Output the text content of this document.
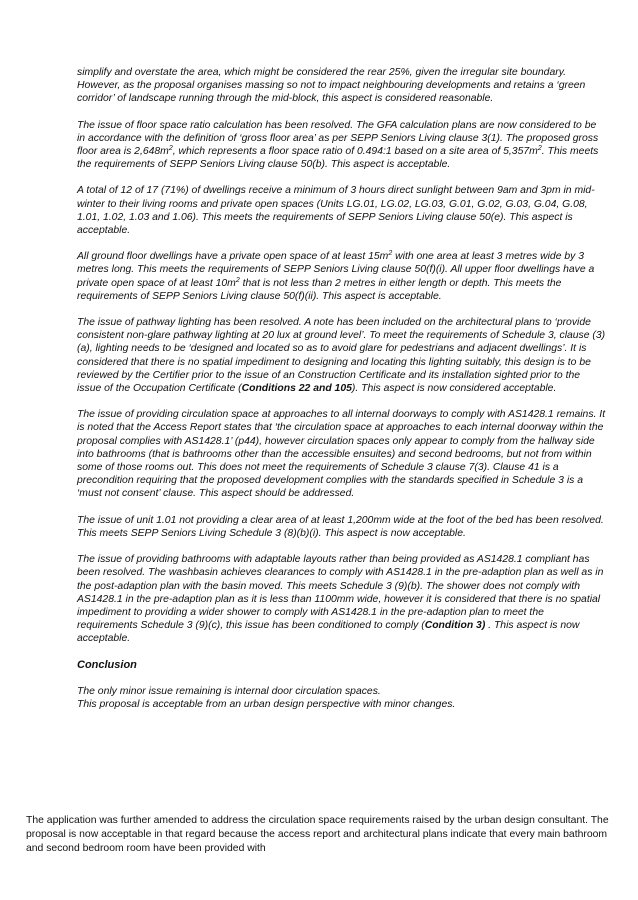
simplify and overstate the area, which might be considered the rear 25%, given the irregular site boundary. However, as the proposal organises massing so not to impact neighbouring developments and retains a ‘green corridor’ of landscape running through the mid-block, this aspect is considered reasonable.

The issue of floor space ratio calculation has been resolved. The GFA calculation plans are now considered to be in accordance with the definition of ‘gross floor area’ as per SEPP Seniors Living clause 3(1). The proposed gross floor area is $2,648m^2$, which represents a floor space ratio of 0.494:1 based on a site area of $5,357m^2$. This meets the requirements of SEPP Seniors Living clause 50(b). This aspect is acceptable.

A total of 12 of 17 (71%) of dwellings receive a minimum of 3 hours direct sunlight between 9am and 3pm in mid-winter to their living rooms and private open spaces (Units LG.01, LG.02, LG.03, G.01, G.02, G.03, G.04, G.08, 1.01, 1.02, 1.03 and 1.06). This meets the requirements of SEPP Seniors Living clause 50(e). This aspect is acceptable.

All ground floor dwellings have a private open space of at least $15m^2$ with one area at least 3 metres wide by 3 metres long. This meets the requirements of SEPP Seniors Living clause 50(f)(i). All upper floor dwellings have a private open space of at least $10m^2$ that is not less than 2 metres in either length or depth. This meets the requirements of SEPP Seniors Living clause 50(f)(ii). This aspect is acceptable.

The issue of pathway lighting has been resolved. A note has been included on the architectural plans to ‘provide consistent non-glare pathway lighting at 20 lux at ground level’. To meet the requirements of Schedule 3, clause (3)(a), lighting needs to be ‘designed and located so as to avoid glare for pedestrians and adjacent dwellings’. It is considered that there is no spatial impediment to designing and locating this lighting suitably, this design is to be reviewed by the Certifier prior to the issue of an Construction Certificate and its installation sighted prior to the issue of the Occupation Certificate (Conditions 22 and 105). This aspect is now considered acceptable.

The issue of providing circulation space at approaches to all internal doorways to comply with AS1428.1 remains. It is noted that the Access Report states that ‘the circulation space at approaches to each internal doorway within the proposal complies with AS1428.1’ (p44), however circulation spaces only appear to comply from the hallway side into bathrooms (that is bathrooms other than the accessible ensuites) and second bedrooms, but not from within some of those rooms out. This does not meet the requirements of Schedule 3 clause 7(3). Clause 41 is a precondition requiring that the proposed development complies with the standards specified in Schedule 3 is a ‘must not consent’ clause. This aspect should be addressed.

The issue of unit 1.01 not providing a clear area of at least 1,200mm wide at the foot of the bed has been resolved. This meets SEPP Seniors Living Schedule 3 (8)(b)(i). This aspect is now acceptable.

The issue of providing bathrooms with adaptable layouts rather than being provided as AS1428.1 compliant has been resolved. The washbasin achieves clearances to comply with AS1428.1 in the pre-adaption plan as well as in the post-adaption plan with the basin moved. This meets Schedule 3 (9)(b). The shower does not comply with AS1428.1 in the pre-adaption plan as it is less than 1100mm wide, however it is considered that there is no spatial impediment to providing a wider shower to comply with AS1428.1 in the pre-adaption plan to meet the requirements Schedule 3 (9)(c), this issue has been conditioned to comply (Condition 3) . This aspect is now acceptable.

Conclusion

The only minor issue remaining is internal door circulation spaces.

This proposal is acceptable from an urban design perspective with minor changes.

The application was further amended to address the circulation space requirements raised by the urban design consultant. The proposal is now acceptable in that regard because the access report and architectural plans indicate that every main bathroom and second bedroom room have been provided with
